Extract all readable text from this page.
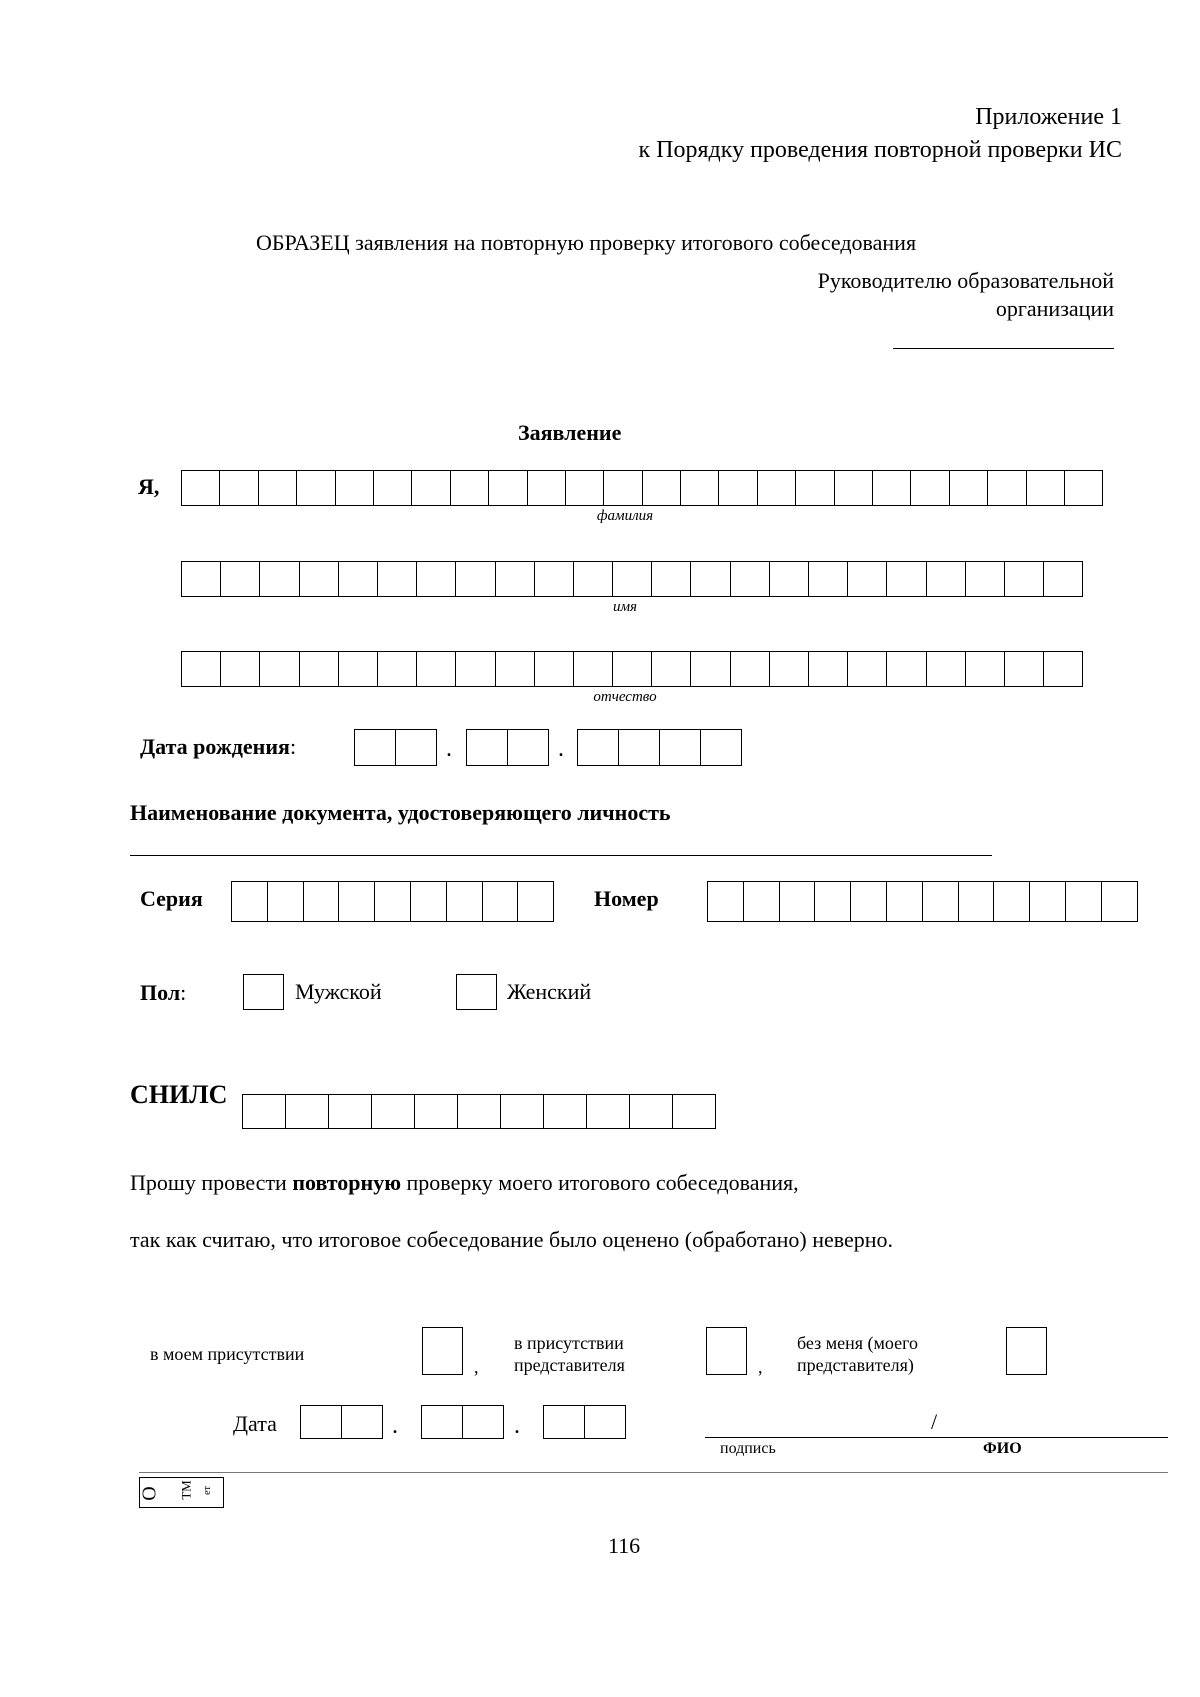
Приложение 1
к Порядку проведения повторной проверки ИС
ОБРАЗЕЦ заявления на повторную проверку итогового собеседования
Руководителю образовательной
организации
Заявление
Я,
фамилия
имя
отчество
Дата рождения:	.	.
Наименование документа, удостоверяющего личность
Серия	Номер
Пол:	Мужской	Женский
СНИЛС
Прошу провести повторную проверку моего итогового собеседования,
так как считаю, что итоговое собеседование было оценено (обработано) неверно.
в моем присутствии
,
в присутствии
представителя	,
без меня (моего
представителя)
Дата	.	.	/
подпись	ФИО
О ТМ ет
116
